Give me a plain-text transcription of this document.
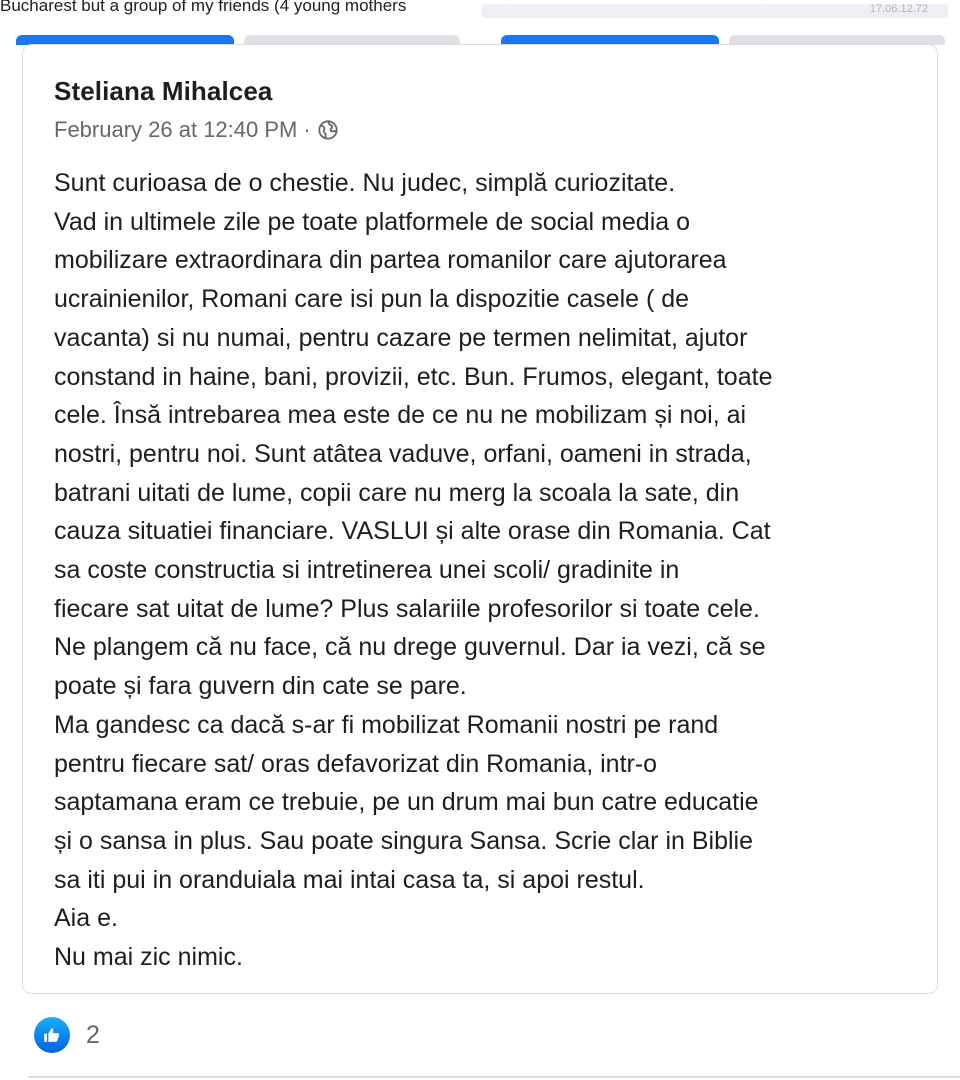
Bucharest but a group of my friends (4 young mothers	17.06.12.72
Steliana Mihalcea
February 26 at 12:40 PM ·
Sunt curioasa de o chestie. Nu judec, simplă curiozitate.
Vad in ultimele zile pe toate platformele de social media o
mobilizare extraordinara din partea romanilor care ajutorarea
ucrainienilor, Romani care isi pun la dispozitie casele ( de
vacanta) si nu numai, pentru cazare pe termen nelimitat, ajutor
constand in haine, bani, provizii, etc. Bun. Frumos, elegant, toate
cele. Însă intrebarea mea este de ce nu ne mobilizam și noi, ai
nostri, pentru noi. Sunt atâtea vaduve, orfani, oameni in strada,
batrani uitati de lume, copii care nu merg la scoala la sate, din
cauza situatiei financiare. VASLUI și alte orase din Romania. Cat
sa coste constructia si intretinerea unei scoli/ gradinite in
fiecare sat uitat de lume? Plus salariile profesorilor si toate cele.
Ne plangem că nu face, că nu drege guvernul. Dar ia vezi, că se
poate și fara guvern din cate se pare.
Ma gandesc ca dacă s-ar fi mobilizat Romanii nostri pe rand
pentru fiecare sat/ oras defavorizat din Romania, intr-o
saptamana eram ce trebuie, pe un drum mai bun catre educatie
și o sansa in plus. Sau poate singura Sansa. Scrie clar in Biblie
sa iti pui in oranduiala mai intai casa ta, si apoi restul.
Aia e.
Nu mai zic nimic.
2
